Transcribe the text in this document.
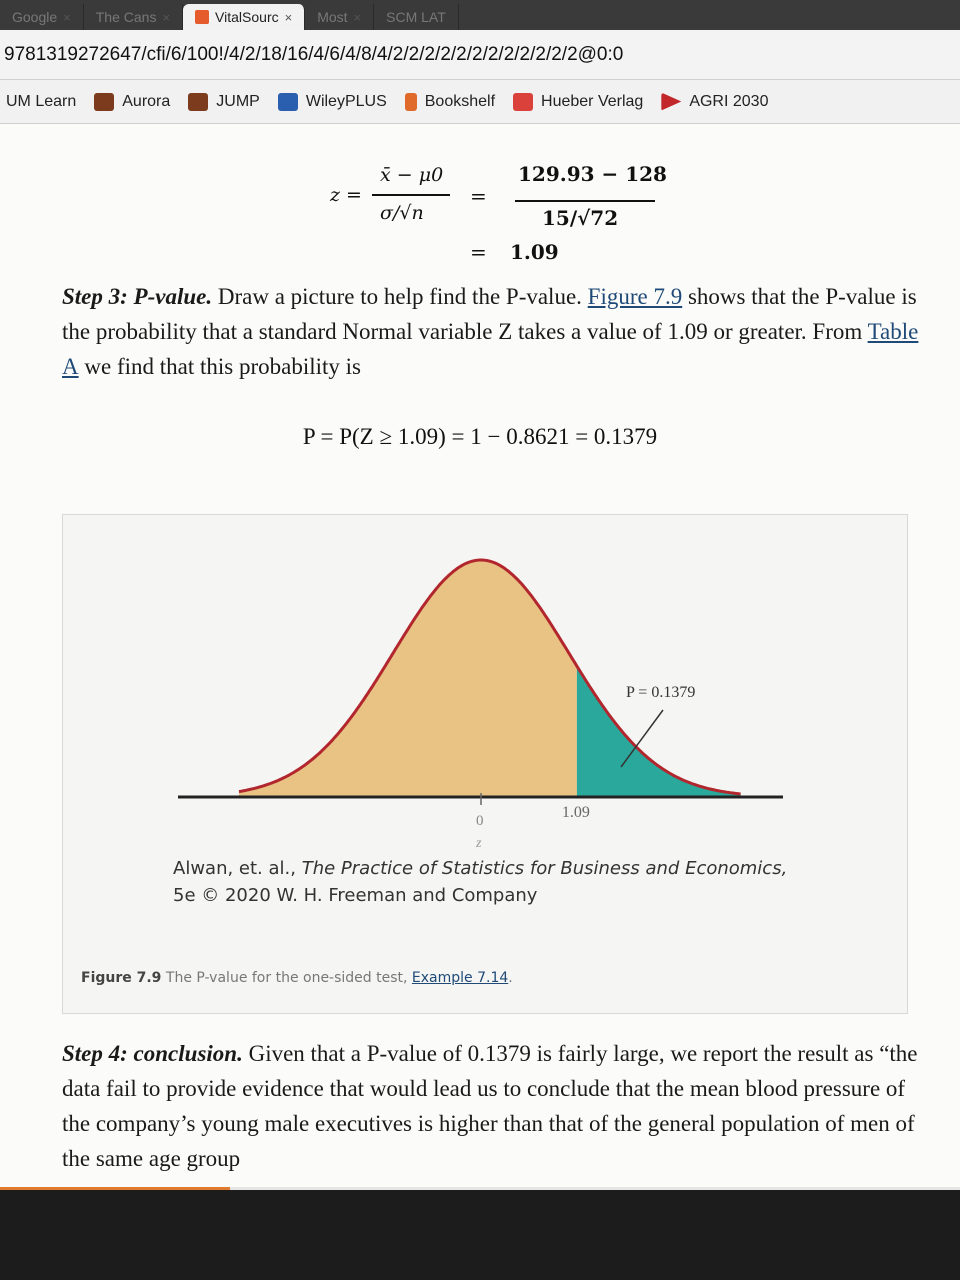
Google × The Cans ×	VitalSourc × Most × SCM LAT
9781319272647/cfi/6/100!/4/2/18/16/4/6/4/8/4/2/2/2/2/2/2/2/2/2/2/2/2@0:0
UM Learn	Aurora	JUMP	WileyPLUS Bookshelf	Hueber Verlag	AGRI 2030
z =
x̄ − μ0
σ/√n
=
129.93 − 128
15/√72
= 1.09
Step 3: P-value. Draw a picture to help find the P-value. Figure 7.9 shows that the P-value is the probability that a standard Normal variable Z takes a value of 1.09 or greater. From Table A we find that this probability is
P = P(Z ≥ 1.09) = 1 − 0.8621 = 0.1379
P = 0.1379
0	1.09
z
Alwan, et. al., The Practice of Statistics for Business and Economics,
5e © 2020 W. H. Freeman and Company
Figure 7.9 The P-value for the one-sided test, Example 7.14.
Step 4: conclusion. Given that a P-value of 0.1379 is fairly large, we report the result as “the data fail to provide evidence that would lead us to conclude that the mean blood pressure of the company’s young male executives is higher than that of the general population of men of the same age group
